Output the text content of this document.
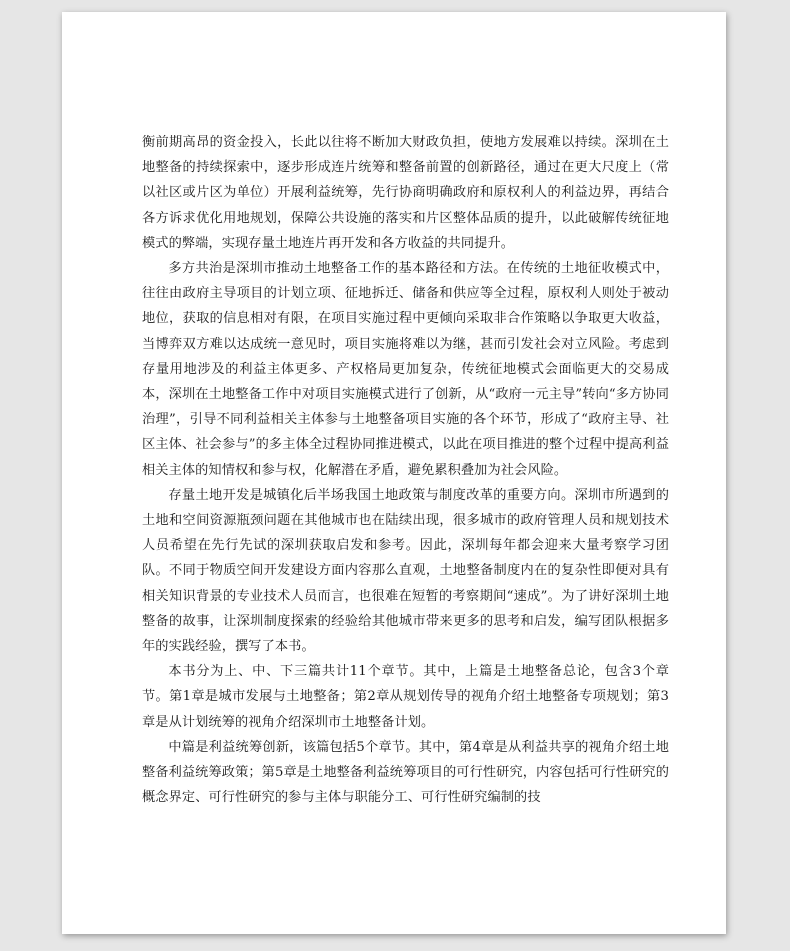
衡前期高昂的资金投入，长此以往将不断加大财政负担，使地方发展难以持续。深圳在土地整备的持续探索中，逐步形成连片统筹和整备前置的创新路径，通过在更大尺度上（常以社区或片区为单位）开展利益统筹，先行协商明确政府和原权利人的利益边界，再结合各方诉求优化用地规划，保障公共设施的落实和片区整体品质的提升，以此破解传统征地模式的弊端，实现存量土地连片再开发和各方收益的共同提升。

多方共治是深圳市推动土地整备工作的基本路径和方法。在传统的土地征收模式中，往往由政府主导项目的计划立项、征地拆迁、储备和供应等全过程，原权利人则处于被动地位，获取的信息相对有限，在项目实施过程中更倾向采取非合作策略以争取更大收益，当博弈双方难以达成统一意见时，项目实施将难以为继，甚而引发社会对立风险。考虑到存量用地涉及的利益主体更多、产权格局更加复杂，传统征地模式会面临更大的交易成本，深圳在土地整备工作中对项目实施模式进行了创新，从“政府一元主导”转向“多方协同治理”，引导不同利益相关主体参与土地整备项目实施的各个环节，形成了“政府主导、社区主体、社会参与”的多主体全过程协同推进模式，以此在项目推进的整个过程中提高利益相关主体的知情权和参与权，化解潜在矛盾，避免累积叠加为社会风险。

存量土地开发是城镇化后半场我国土地政策与制度改革的重要方向。深圳市所遇到的土地和空间资源瓶颈问题在其他城市也在陆续出现，很多城市的政府管理人员和规划技术人员希望在先行先试的深圳获取启发和参考。因此，深圳每年都会迎来大量考察学习团队。不同于物质空间开发建设方面内容那么直观，土地整备制度内在的复杂性即便对具有相关知识背景的专业技术人员而言，也很难在短暂的考察期间“速成”。为了讲好深圳土地整备的故事，让深圳制度探索的经验给其他城市带来更多的思考和启发，编写团队根据多年的实践经验，撰写了本书。

本书分为上、中、下三篇共计11个章节。其中，上篇是土地整备总论，包含3个章节。第1章是城市发展与土地整备；第2章从规划传导的视角介绍土地整备专项规划；第3章是从计划统筹的视角介绍深圳市土地整备计划。

中篇是利益统筹创新，该篇包括5个章节。其中，第4章是从利益共享的视角介绍土地整备利益统筹政策；第5章是土地整备利益统筹项目的可行性研究，内容包括可行性研究的概念界定、可行性研究的参与主体与职能分工、可行性研究编制的技
